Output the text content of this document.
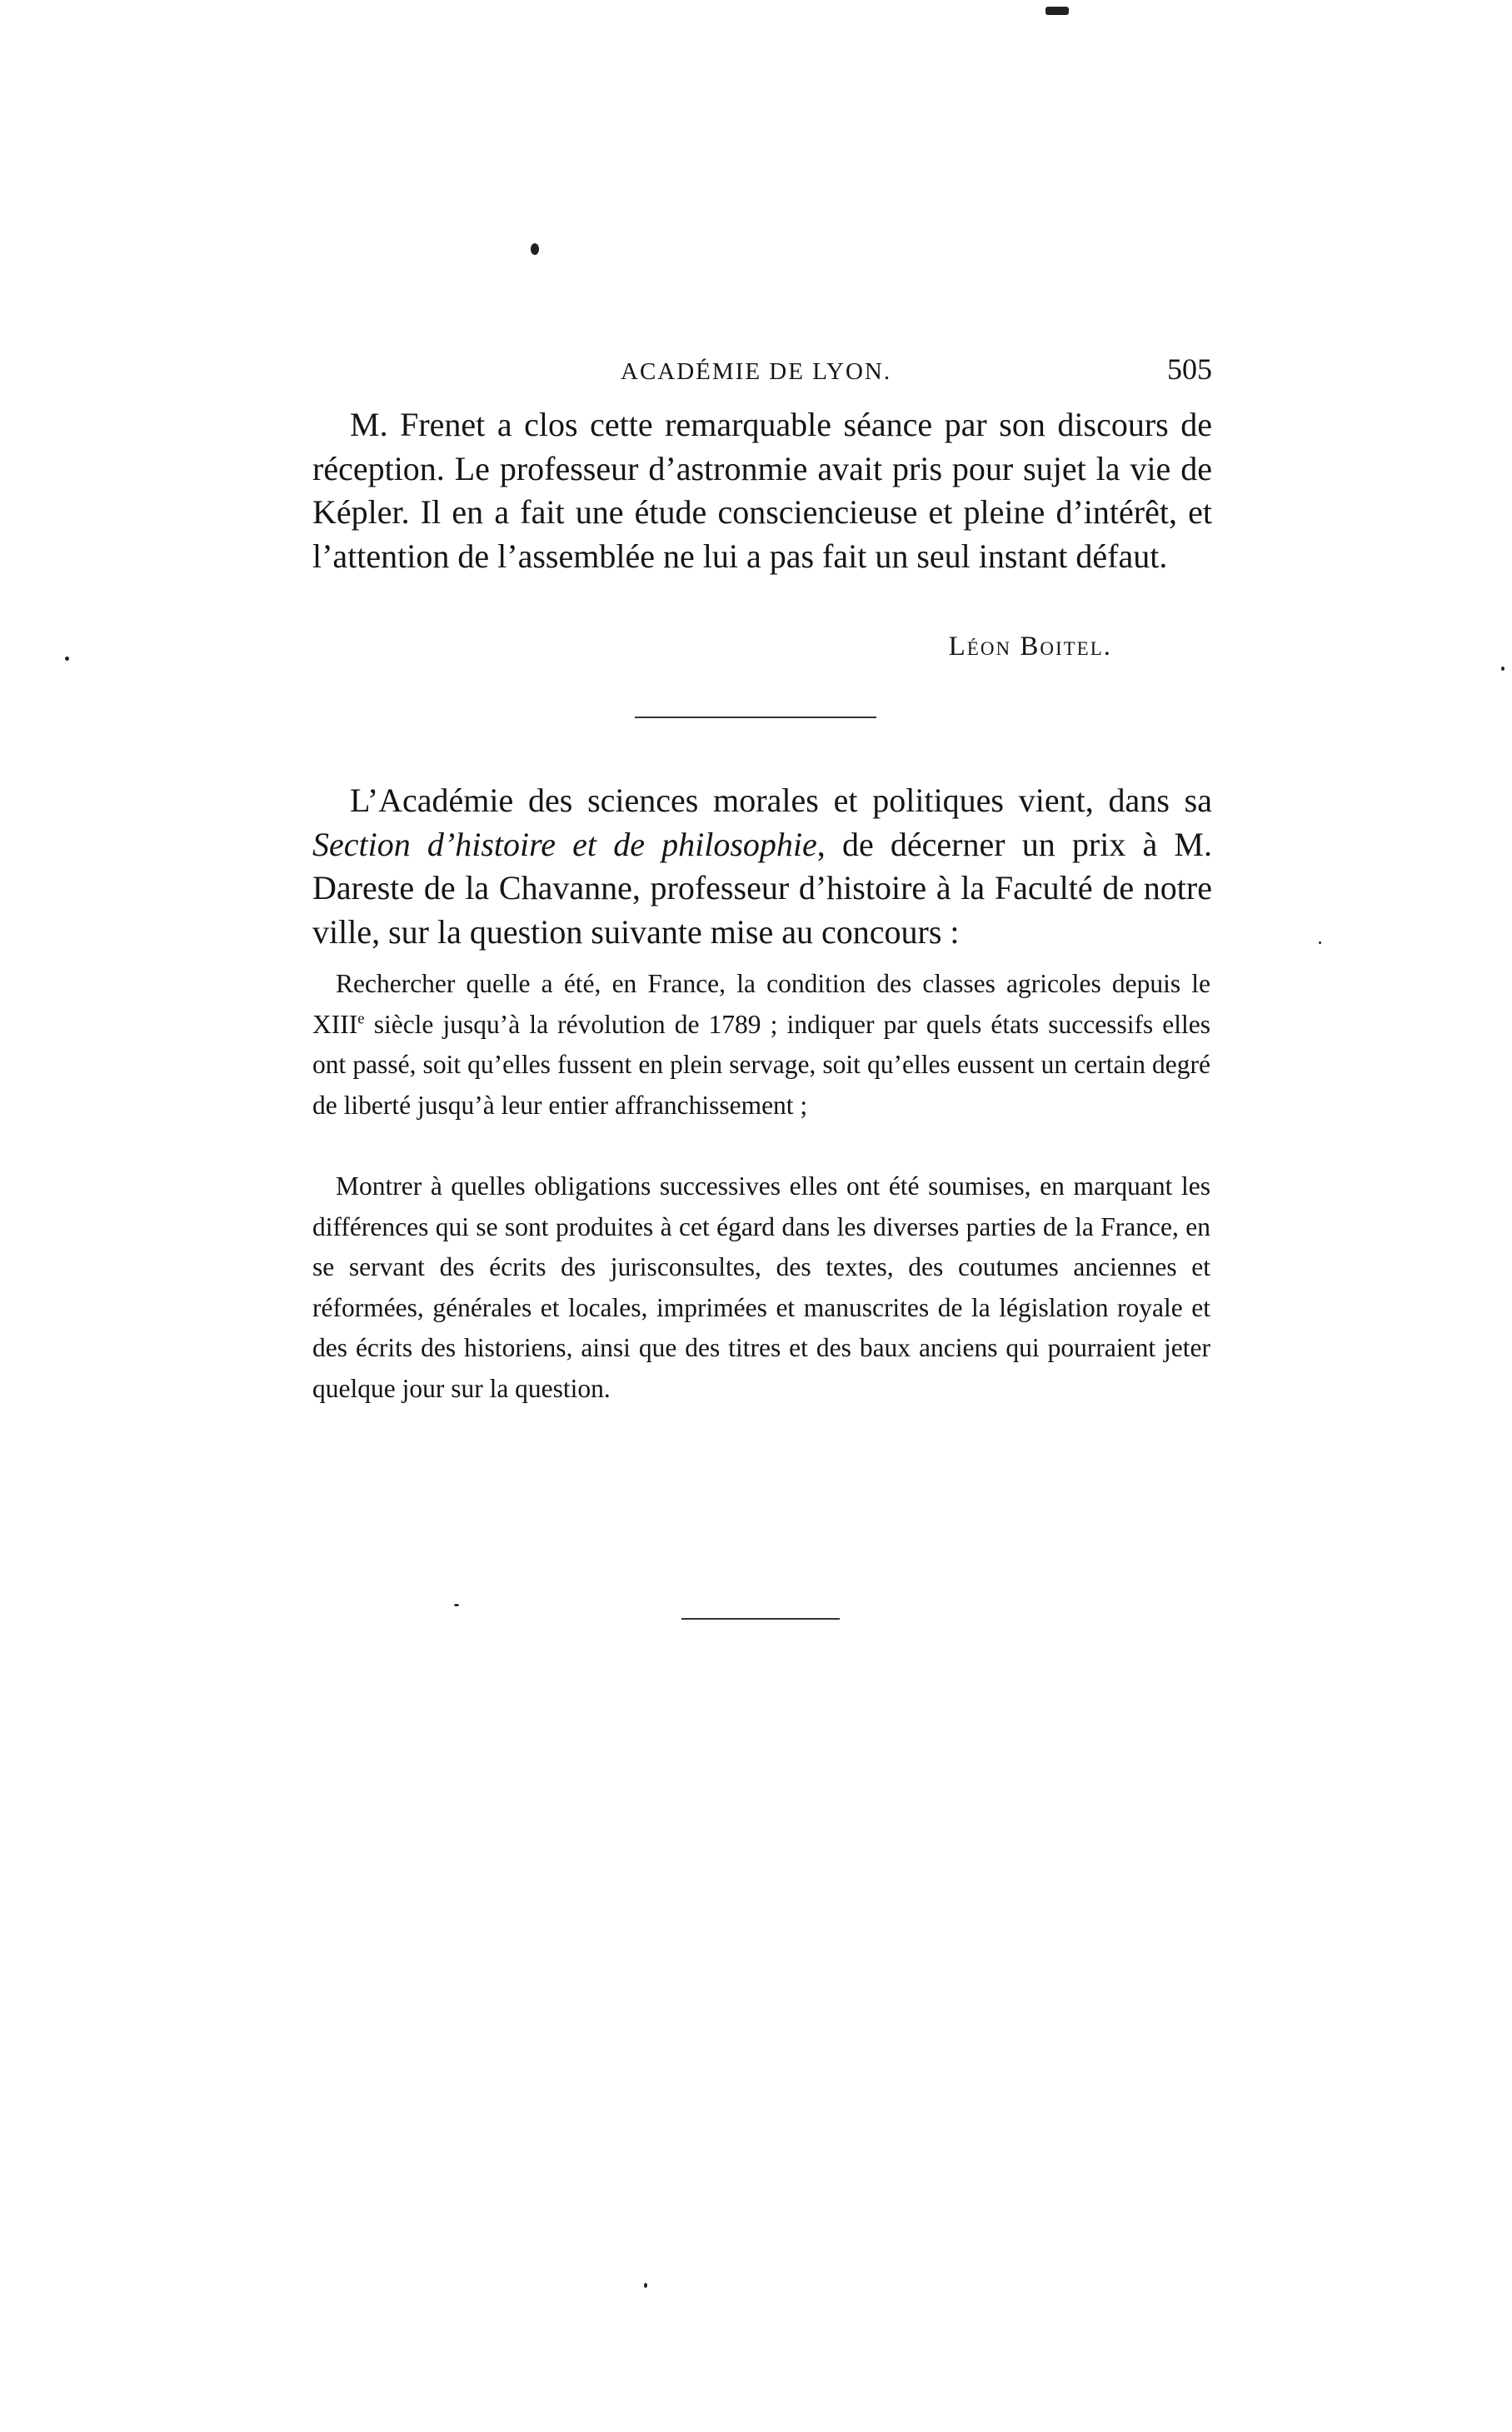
ACADÉMIE DE LYON.	505

M. Frenet a clos cette remarquable séance par son discours de réception. Le professeur d’astronmie avait pris pour sujet la vie de Képler. Il en a fait une étude consciencieuse et pleine d’intérêt, et l’attention de l’assemblée ne lui a pas fait un seul instant défaut.

Léon Boitel.

L’Académie des sciences morales et politiques vient, dans sa Section d’histoire et de philosophie, de décerner un prix à M. Dareste de la Chavanne, professeur d’histoire à la Faculté de notre ville, sur la question suivante mise au concours :

Rechercher quelle a été, en France, la condition des classes agricoles depuis le XIIIe siècle jusqu’à la révolution de 1789 ; indiquer par quels états successifs elles ont passé, soit qu’elles fussent en plein servage, soit qu’elles eussent un certain degré de liberté jusqu’à leur entier affranchissement ;

Montrer à quelles obligations successives elles ont été soumises, en marquant les différences qui se sont produites à cet égard dans les diverses parties de la France, en se servant des écrits des jurisconsultes, des textes, des coutumes anciennes et réformées, générales et locales, imprimées et manuscrites de la législation royale et des écrits des historiens, ainsi que des titres et des baux anciens qui pourraient jeter quelque jour sur la question.
